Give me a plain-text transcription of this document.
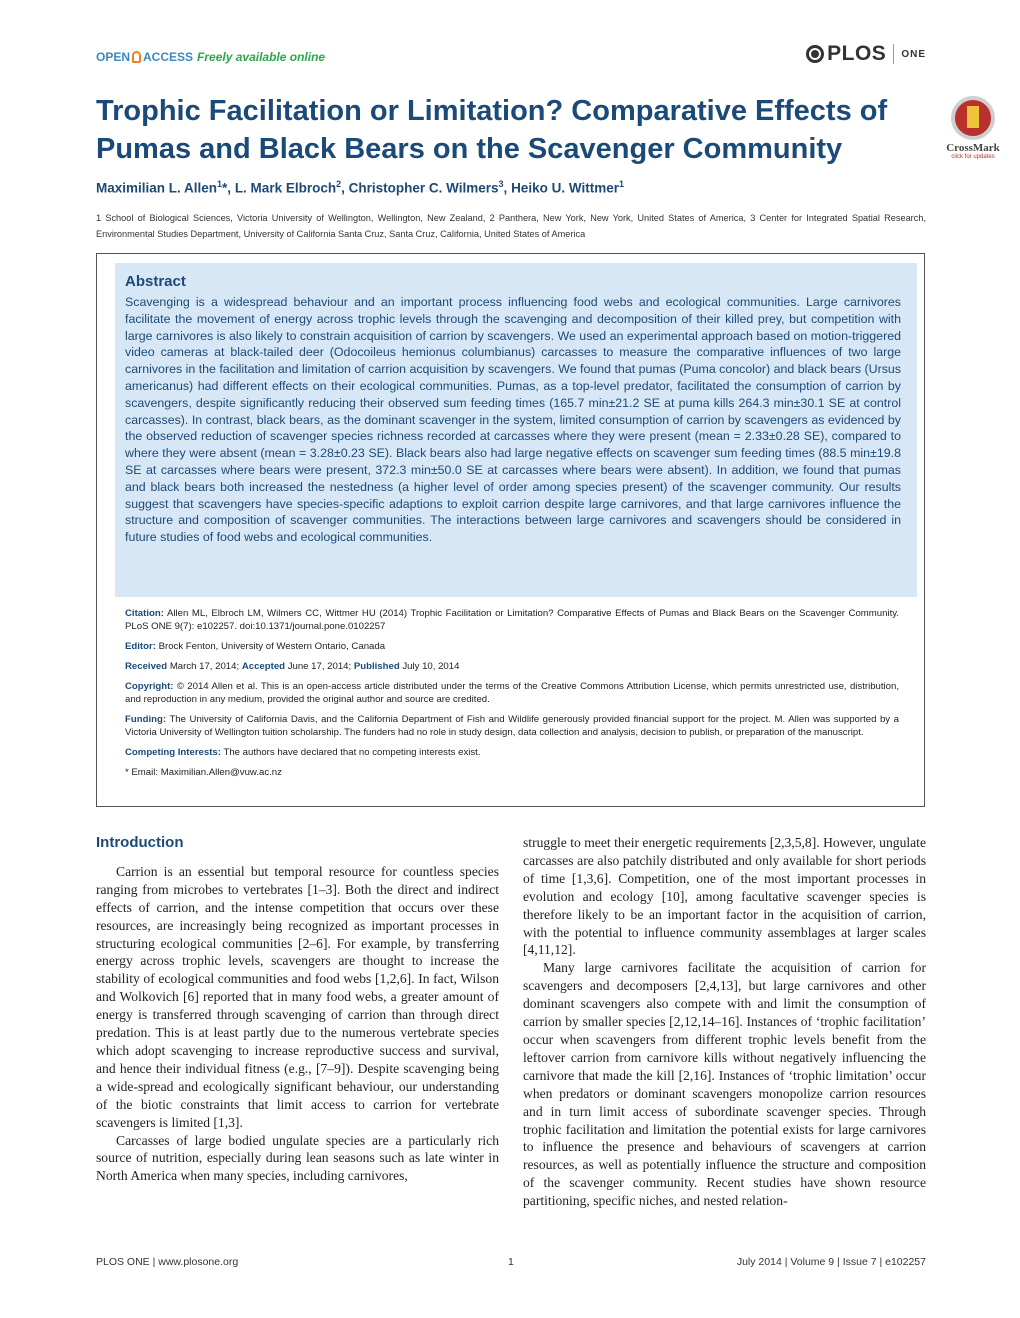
OPEN ACCESS Freely available online	PLOS ONE
Trophic Facilitation or Limitation? Comparative Effects of Pumas and Black Bears on the Scavenger Community	CrossMark
click for updates
Maximilian L. Allen$^1$*, L. Mark Elbroch$^2$, Christopher C. Wilmers$^3$, Heiko U. Wittmer$^1$
1 School of Biological Sciences, Victoria University of Wellington, Wellington, New Zealand, 2 Panthera, New York, New York, United States of America, 3 Center for Integrated Spatial Research, Environmental Studies Department, University of California Santa Cruz, Santa Cruz, California, United States of America
Abstract
Scavenging is a widespread behaviour and an important process influencing food webs and ecological communities. Large carnivores facilitate the movement of energy across trophic levels through the scavenging and decomposition of their killed prey, but competition with large carnivores is also likely to constrain acquisition of carrion by scavengers. We used an experimental approach based on motion-triggered video cameras at black-tailed deer (Odocoileus hemionus columbianus) carcasses to measure the comparative influences of two large carnivores in the facilitation and limitation of carrion acquisition by scavengers. We found that pumas (Puma concolor) and black bears (Ursus americanus) had different effects on their ecological communities. Pumas, as a top-level predator, facilitated the consumption of carrion by scavengers, despite significantly reducing their observed sum feeding times (165.7 min±21.2 SE at puma kills 264.3 min±30.1 SE at control carcasses). In contrast, black bears, as the dominant scavenger in the system, limited consumption of carrion by scavengers as evidenced by the observed reduction of scavenger species richness recorded at carcasses where they were present (mean = 2.33±0.28 SE), compared to where they were absent (mean = 3.28±0.23 SE). Black bears also had large negative effects on scavenger sum feeding times (88.5 min±19.8 SE at carcasses where bears were present, 372.3 min±50.0 SE at carcasses where bears were absent). In addition, we found that pumas and black bears both increased the nestedness (a higher level of order among species present) of the scavenger community. Our results suggest that scavengers have species-specific adaptions to exploit carrion despite large carnivores, and that large carnivores influence the structure and composition of scavenger communities. The interactions between large carnivores and scavengers should be considered in future studies of food webs and ecological communities.

Citation: Allen ML, Elbroch LM, Wilmers CC, Wittmer HU (2014) Trophic Facilitation or Limitation? Comparative Effects of Pumas and Black Bears on the Scavenger Community. PLoS ONE 9(7): e102257. doi:10.1371/journal.pone.0102257

Editor: Brock Fenton, University of Western Ontario, Canada

Received March 17, 2014; Accepted June 17, 2014; Published July 10, 2014

Copyright: © 2014 Allen et al. This is an open-access article distributed under the terms of the Creative Commons Attribution License, which permits unrestricted use, distribution, and reproduction in any medium, provided the original author and source are credited.

Funding: The University of California Davis, and the California Department of Fish and Wildlife generously provided financial support for the project. M. Allen was supported by a Victoria University of Wellington tuition scholarship. The funders had no role in study design, data collection and analysis, decision to publish, or preparation of the manuscript.

Competing Interests: The authors have declared that no competing interests exist.

* Email: Maximilian.Allen@vuw.ac.nz

Introduction

Carrion is an essential but temporal resource for countless species ranging from microbes to vertebrates [1–3]. Both the direct and indirect effects of carrion, and the intense competition that occurs over these resources, are increasingly being recognized as important processes in structuring ecological communities [2–6]. For example, by transferring energy across trophic levels, scavengers are thought to increase the stability of ecological communities and food webs [1,2,6]. In fact, Wilson and Wolkovich [6] reported that in many food webs, a greater amount of energy is transferred through scavenging of carrion than through direct predation. This is at least partly due to the numerous vertebrate species which adopt scavenging to increase reproductive success and survival, and hence their individual fitness (e.g., [7–9]). Despite scavenging being a wide-spread and ecologically significant behaviour, our understanding of the biotic constraints that limit access to carrion for vertebrate scavengers is limited [1,3].

Carcasses of large bodied ungulate species are a particularly rich source of nutrition, especially during lean seasons such as late winter in North America when many species, including carnivores,

struggle to meet their energetic requirements [2,3,5,8]. However, ungulate carcasses are also patchily distributed and only available for short periods of time [1,3,6]. Competition, one of the most important processes in evolution and ecology [10], among facultative scavenger species is therefore likely to be an important factor in the acquisition of carrion, with the potential to influence community assemblages at larger scales [4,11,12].

Many large carnivores facilitate the acquisition of carrion for scavengers and decomposers [2,4,13], but large carnivores and other dominant scavengers also compete with and limit the consumption of carrion by smaller species [2,12,14–16]. Instances of ‘trophic facilitation’ occur when scavengers from different trophic levels benefit from the leftover carrion from carnivore kills without negatively influencing the carnivore that made the kill [2,16]. Instances of ‘trophic limitation’ occur when predators or dominant scavengers monopolize carrion resources and in turn limit access of subordinate scavenger species. Through trophic facilitation and limitation the potential exists for large carnivores to influence the presence and behaviours of scavengers at carrion resources, as well as potentially influence the structure and composition of the scavenger community. Recent studies have shown resource partitioning, specific niches, and nested relation-

PLOS ONE | www.plosone.org	1	July 2014 | Volume 9 | Issue 7 | e102257
